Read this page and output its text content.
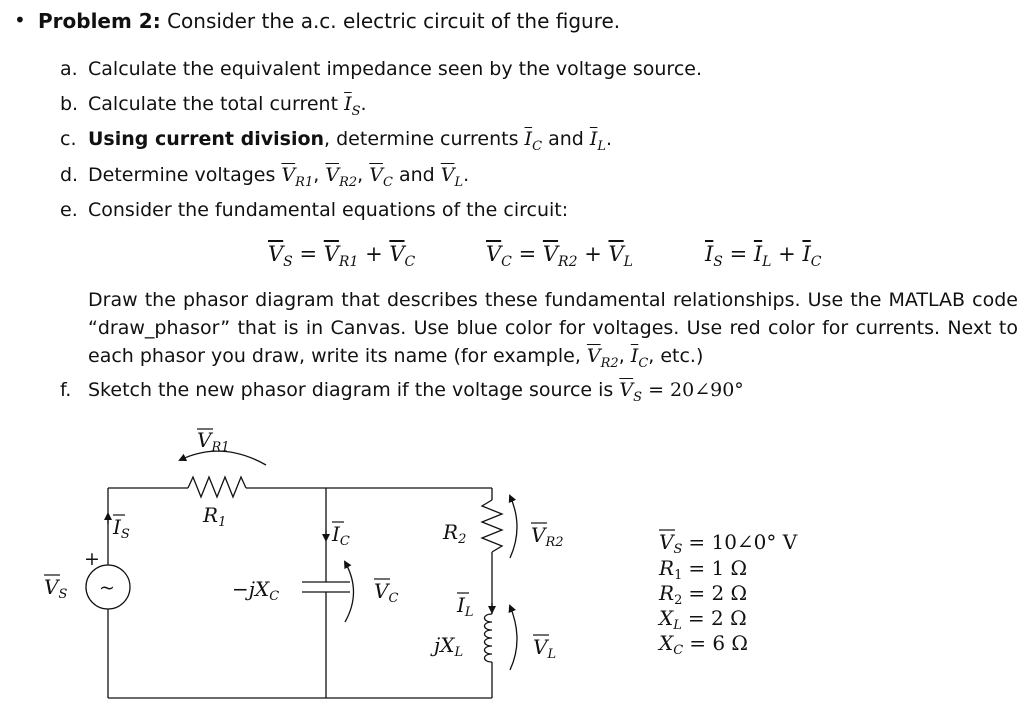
• Problem 2: Consider the a.c. electric circuit of the figure.
a. Calculate the equivalent impedance seen by the voltage source.
b. Calculate the total current $\overline{I}_S$.
c. Using current division, determine currents $\overline{I}_C$ and $\overline{I}_L$.
d. Determine voltages $\overline{V}_{R1}$, $\overline{V}_{R2}$, $\overline{V}_C$ and $\overline{V}_L$.
e. Consider the fundamental equations of the circuit:
$\overline{V}_S = \overline{V}_{R1} + \overline{V}_C$	$\overline{V}_C = \overline{V}_{R2} + \overline{V}_L$	$\overline{I}_S = \overline{I}_L + \overline{I}_C$
Draw the phasor diagram that describes these fundamental relationships. Use the MATLAB code
“draw_phasor” that is in Canvas. Use blue color for voltages. Use red color for currents. Next to
each phasor you draw, write its name (for example, $\overline{V}_{R2}$, $\overline{I}_C$, etc.)
f. Sketch the new phasor diagram if the voltage source is $\overline{V}_S$ = 20∠90°
$V_{R1}$
$R_1$
$I_S$
+
~
$V_S$
$I_C$
$-jX_C$	$V_C$
$R_2$	$V_{R2}$
$I_L$
$jX_L$	$V_L$
$V_S$ = 10∠0° V
$R_1 = 1$ Ω
$R_2 = 2$ Ω
$X_L = 2$ Ω
$X_C = 6$ Ω
